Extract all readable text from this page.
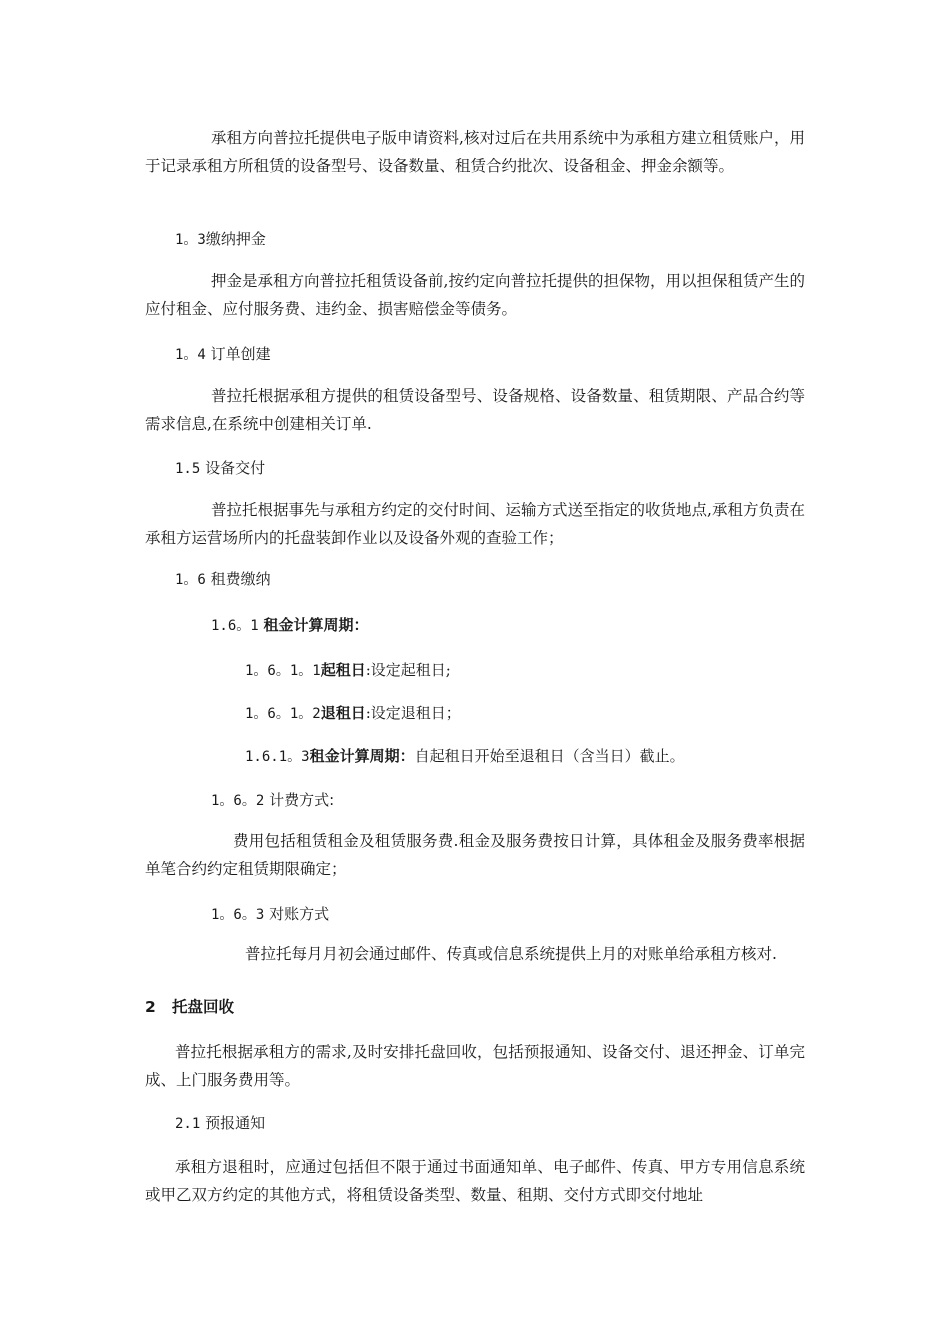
承租方向普拉托提供电子版申请资料,核对过后在共用系统中为承租方建立租赁账户，用于记录承租方所租赁的设备型号、设备数量、租赁合约批次、设备租金、押金余额等。

1。3缴纳押金

押金是承租方向普拉托租赁设备前,按约定向普拉托提供的担保物，用以担保租赁产生的应付租金、应付服务费、违约金、损害赔偿金等债务。

1。4 订单创建

普拉托根据承租方提供的租赁设备型号、设备规格、设备数量、租赁期限、产品合约等需求信息,在系统中创建相关订单.

1.5 设备交付

普拉托根据事先与承租方约定的交付时间、运输方式送至指定的收货地点,承租方负责在承租方运营场所内的托盘装卸作业以及设备外观的查验工作；

1。6 租费缴纳
1.6。1 租金计算周期：
1。6。1。1起租日:设定起租日;
1。6。1。2退租日:设定退租日；
1.6.1。3租金计算周期：自起租日开始至退租日（含当日）截止。
1。6。2 计费方式:

费用包括租赁租金及租赁服务费.租金及服务费按日计算，具体租金及服务费率根据单笔合约约定租赁期限确定；

1。6。3 对账方式

普拉托每月月初会通过邮件、传真或信息系统提供上月的对账单给承租方核对.

2 托盘回收

普拉托根据承租方的需求,及时安排托盘回收，包括预报通知、设备交付、退还押金、订单完成、上门服务费用等。

2.1 预报通知

承租方退租时，应通过包括但不限于通过书面通知单、电子邮件、传真、甲方专用信息系统或甲乙双方约定的其他方式，将租赁设备类型、数量、租期、交付方式即交付地址
